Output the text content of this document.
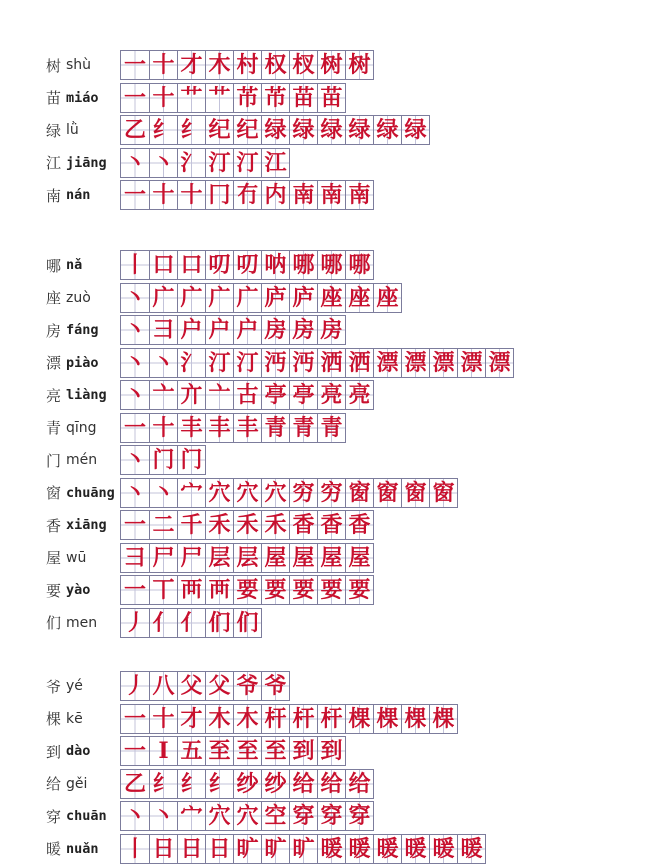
树 shù 一 十 才 木 村 权 杈 树 树
苗 miáo 一 十 艹 艹 芇 芇 苗 苗
绿 lǜ 乙 纟 纟 纪 纪 绿 绿 绿 绿 绿 绿
江 jiāng 丶 丶 氵 汀 汀 江
南 nán 一 十 十 冂 冇 内 南 南 南
哪 nǎ 丨 口 口 叨 叨 呐 哪 哪 哪
座 zuò 丶 广 广 广 广 庐 庐 座 座 座
房 fáng 丶 彐 户 户 户 房 房 房
漂 piào 丶 丶 氵 汀 汀 沔 沔 洒 洒 漂 漂 漂 漂 漂
亮 liàng 丶 亠 亣 亠 古 亭 亭 亮 亮
青 qīng 一 十 丰 丰 丰 青 青 青
门 mén 丶 门 门
窗 chuāng 丶 丶 宀 穴 穴 穴 穷 穷 窗 窗 窗 窗
香 xiāng 一 二 千 禾 禾 禾 香 香 香
屋 wū 彐 尸 尸 层 层 屋 屋 屋 屋
要 yào 一 丅 襾 襾 要 要 要 要 要
们 men 丿 亻 亻 们 们
爷 yé 丿 八 父 父 爷 爷
棵 kē 一 十 才 木 木 杆 杆 杆 棵 棵 棵 棵
到 dào 一 Ⅰ 五 至 至 至 到 到
给 gěi 乙 纟 纟 纟 纱 纱 给 给 给
穿 chuān 丶 丶 宀 穴 穴 空 穿 穿 穿
暖 nuǎn 丨 日 日 日 旷 旷 旷 暖 暖 暖 暖 暖 暖
